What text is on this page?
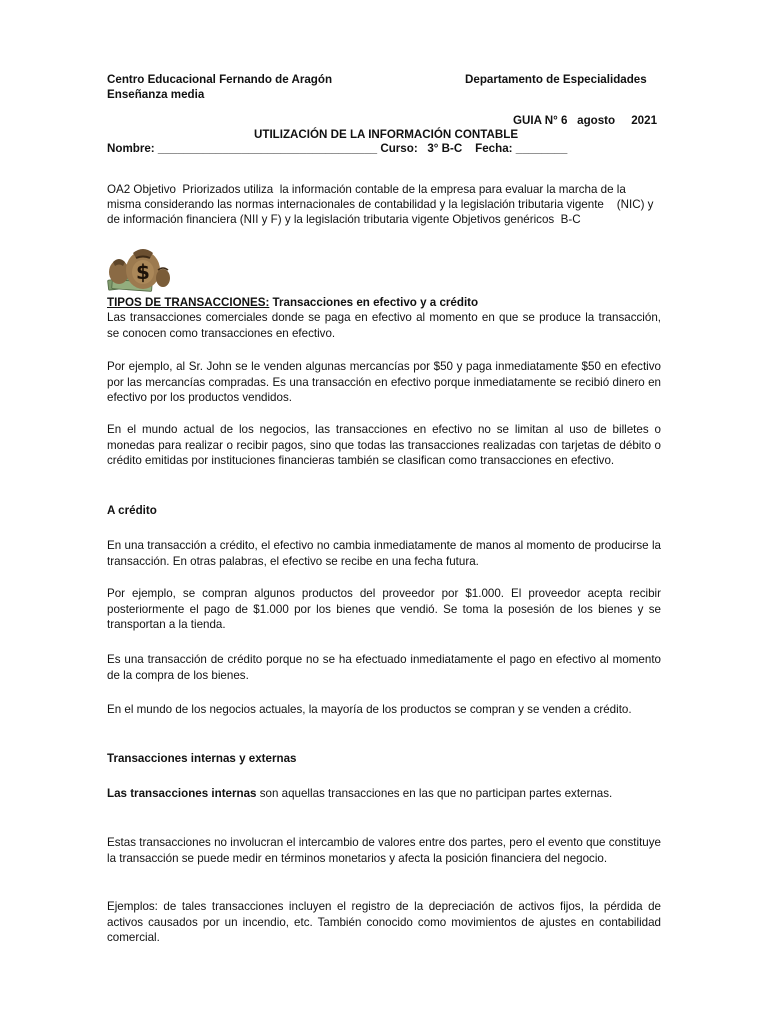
Centro Educacional Fernando de Aragón
Enseñanza media
Departamento de Especialidades
GUIA N° 6   agosto     2021
UTILIZACIÓN DE LA INFORMACIÓN CONTABLE
Nombre: __________________________________ Curso:   3° B-C    Fecha: ________
OA2 Objetivo  Priorizados utiliza  la información contable de la empresa para evaluar la marcha de la misma considerando las normas internacionales de contabilidad y la legislación tributaria vigente    (NIC) y de información financiera (NII y F) y la legislación tributaria vigente Objetivos genéricos  B-C
$
TIPOS DE TRANSACCIONES: Transacciones en efectivo y a crédito
Las transacciones comerciales donde se paga en efectivo al momento en que se produce la transacción, se conocen como transacciones en efectivo.
Por ejemplo, al Sr. John se le venden algunas mercancías por $50 y paga inmediatamente $50 en efectivo por las mercancías compradas. Es una transacción en efectivo porque inmediatamente se recibió dinero en efectivo por los productos vendidos.
En el mundo actual de los negocios, las transacciones en efectivo no se limitan al uso de billetes o monedas para realizar o recibir pagos, sino que todas las transacciones realizadas con tarjetas de débito o crédito emitidas por instituciones financieras también se clasifican como transacciones en efectivo.
A crédito
En una transacción a crédito, el efectivo no cambia inmediatamente de manos al momento de producirse la transacción. En otras palabras, el efectivo se recibe en una fecha futura.
Por ejemplo, se compran algunos productos del proveedor por $1.000. El proveedor acepta recibir posteriormente el pago de $1.000 por los bienes que vendió. Se toma la posesión de los bienes y se transportan a la tienda.
Es una transacción de crédito porque no se ha efectuado inmediatamente el pago en efectivo al momento de la compra de los bienes.
En el mundo de los negocios actuales, la mayoría de los productos se compran y se venden a crédito.
Transacciones internas y externas
Las transacciones internas son aquellas transacciones en las que no participan partes externas.
Estas transacciones no involucran el intercambio de valores entre dos partes, pero el evento que constituye la transacción se puede medir en términos monetarios y afecta la posición financiera del negocio.
Ejemplos: de tales transacciones incluyen el registro de la depreciación de activos fijos, la pérdida de activos causados por un incendio, etc. También conocido como movimientos de ajustes en contabilidad comercial.
